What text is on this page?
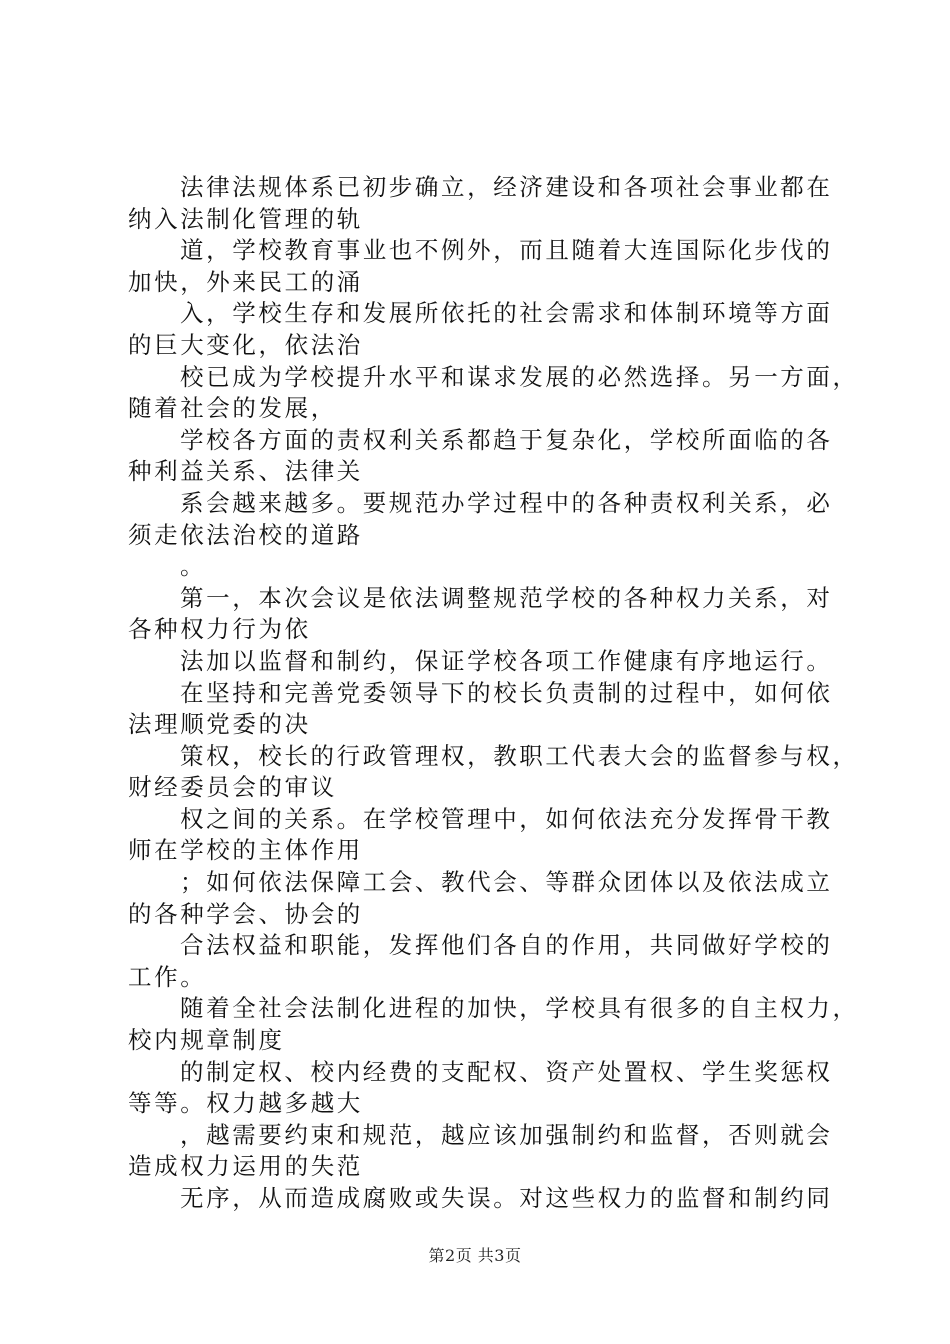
法律法规体系已初步确立，经济建设和各项社会事业都在
纳入法制化管理的轨
道，学校教育事业也不例外，而且随着大连国际化步伐的
加快，外来民工的涌
入，学校生存和发展所依托的社会需求和体制环境等方面
的巨大变化，依法治
校已成为学校提升水平和谋求发展的必然选择。另一方面，
随着社会的发展，
学校各方面的责权利关系都趋于复杂化，学校所面临的各
种利益关系、法律关
系会越来越多。要规范办学过程中的各种责权利关系，必
须走依法治校的道路
。
第一，本次会议是依法调整规范学校的各种权力关系，对
各种权力行为依
法加以监督和制约，保证学校各项工作健康有序地运行。
在坚持和完善党委领导下的校长负责制的过程中，如何依
法理顺党委的决
策权，校长的行政管理权，教职工代表大会的监督参与权，
财经委员会的审议
权之间的关系。在学校管理中，如何依法充分发挥骨干教
师在学校的主体作用
；如何依法保障工会、教代会、等群众团体以及依法成立
的各种学会、协会的
合法权益和职能，发挥他们各自的作用，共同做好学校的
工作。
随着全社会法制化进程的加快，学校具有很多的自主权力，
校内规章制度
的制定权、校内经费的支配权、资产处置权、学生奖惩权
等等。权力越多越大
，越需要约束和规范，越应该加强制约和监督，否则就会
造成权力运用的失范
无序，从而造成腐败或失误。对这些权力的监督和制约同
第2页 共3页
